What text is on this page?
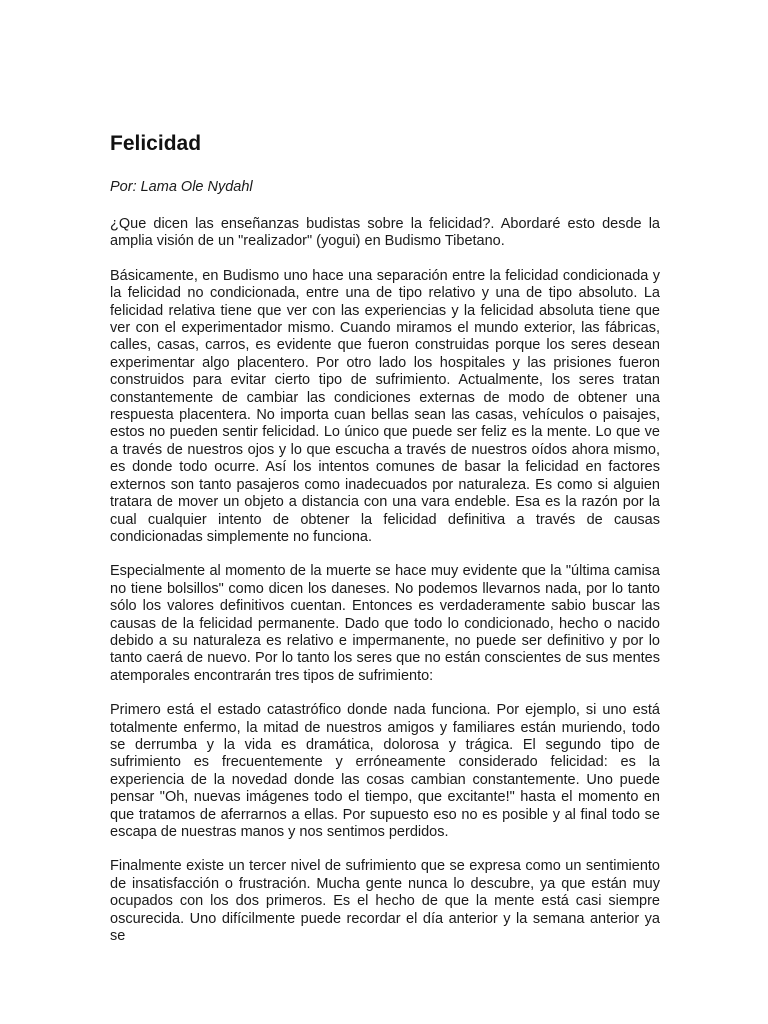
Felicidad

Por: Lama Ole Nydahl

¿Que dicen las enseñanzas budistas sobre la felicidad?. Abordaré esto desde la amplia visión de un "realizador" (yogui) en Budismo Tibetano.

Básicamente, en Budismo uno hace una separación entre la felicidad condicionada y la felicidad no condicionada, entre una de tipo relativo y una de tipo absoluto. La felicidad relativa tiene que ver con las experiencias y la felicidad absoluta tiene que ver con el experimentador mismo. Cuando miramos el mundo exterior, las fábricas, calles, casas, carros, es evidente que fueron construidas porque los seres desean experimentar algo placentero. Por otro lado los hospitales y las prisiones fueron construidos para evitar cierto tipo de sufrimiento. Actualmente, los seres tratan constantemente de cambiar las condiciones externas de modo de obtener una respuesta placentera. No importa cuan bellas sean las casas, vehículos o paisajes, estos no pueden sentir felicidad. Lo único que puede ser feliz es la mente. Lo que ve a través de nuestros ojos y lo que escucha a través de nuestros oídos ahora mismo, es donde todo ocurre. Así los intentos comunes de basar la felicidad en factores externos son tanto pasajeros como inadecuados por naturaleza. Es como si alguien tratara de mover un objeto a distancia con una vara endeble. Esa es la razón por la cual cualquier intento de obtener la felicidad definitiva a través de causas condicionadas simplemente no funciona.

Especialmente al momento de la muerte se hace muy evidente que la "última camisa no tiene bolsillos" como dicen los daneses. No podemos llevarnos nada, por lo tanto sólo los valores definitivos cuentan. Entonces es verdaderamente sabio buscar las causas de la felicidad permanente. Dado que todo lo condicionado, hecho o nacido debido a su naturaleza es relativo e impermanente, no puede ser definitivo y por lo tanto caerá de nuevo. Por lo tanto los seres que no están conscientes de sus mentes atemporales encontrarán tres tipos de sufrimiento:

Primero está el estado catastrófico donde nada funciona. Por ejemplo, si uno está totalmente enfermo, la mitad de nuestros amigos y familiares están muriendo, todo se derrumba y la vida es dramática, dolorosa y trágica. El segundo tipo de sufrimiento es frecuentemente y erróneamente considerado felicidad: es la experiencia de la novedad donde las cosas cambian constantemente. Uno puede pensar "Oh, nuevas imágenes todo el tiempo, que excitante!" hasta el momento en que tratamos de aferrarnos a ellas. Por supuesto eso no es posible y al final todo se escapa de nuestras manos y nos sentimos perdidos.

Finalmente existe un tercer nivel de sufrimiento que se expresa como un sentimiento de insatisfacción o frustración. Mucha gente nunca lo descubre, ya que están muy ocupados con los dos primeros. Es el hecho de que la mente está casi siempre oscurecida. Uno difícilmente puede recordar el día anterior y la semana anterior ya se
